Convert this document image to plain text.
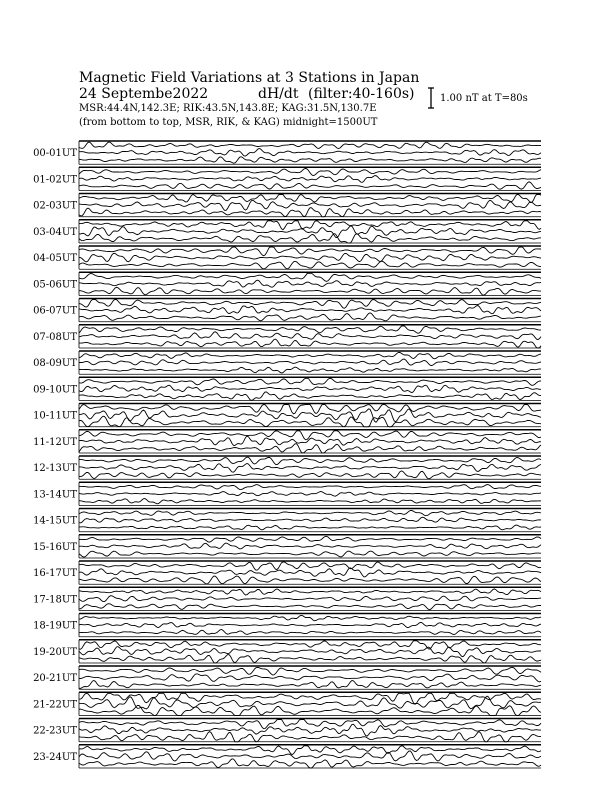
Magnetic Field Variations at 3 Stations in Japan
24 Septembe2022	dH/dt (filter:40-160s)
MSR:44.4N,142.3E; RIK:43.5N,143.8E; KAG:31.5N,130.7E
(from bottom to top, MSR, RIK, & KAG) midnight=1500UT
1.00 nT at T=80s
00-01UT
01-02UT
02-03UT
03-04UT
04-05UT
05-06UT
06-07UT
07-08UT
08-09UT
09-10UT
10-11UT
11-12UT
12-13UT
13-14UT
14-15UT
15-16UT
16-17UT
17-18UT
18-19UT
19-20UT
20-21UT
21-22UT
22-23UT
23-24UT
